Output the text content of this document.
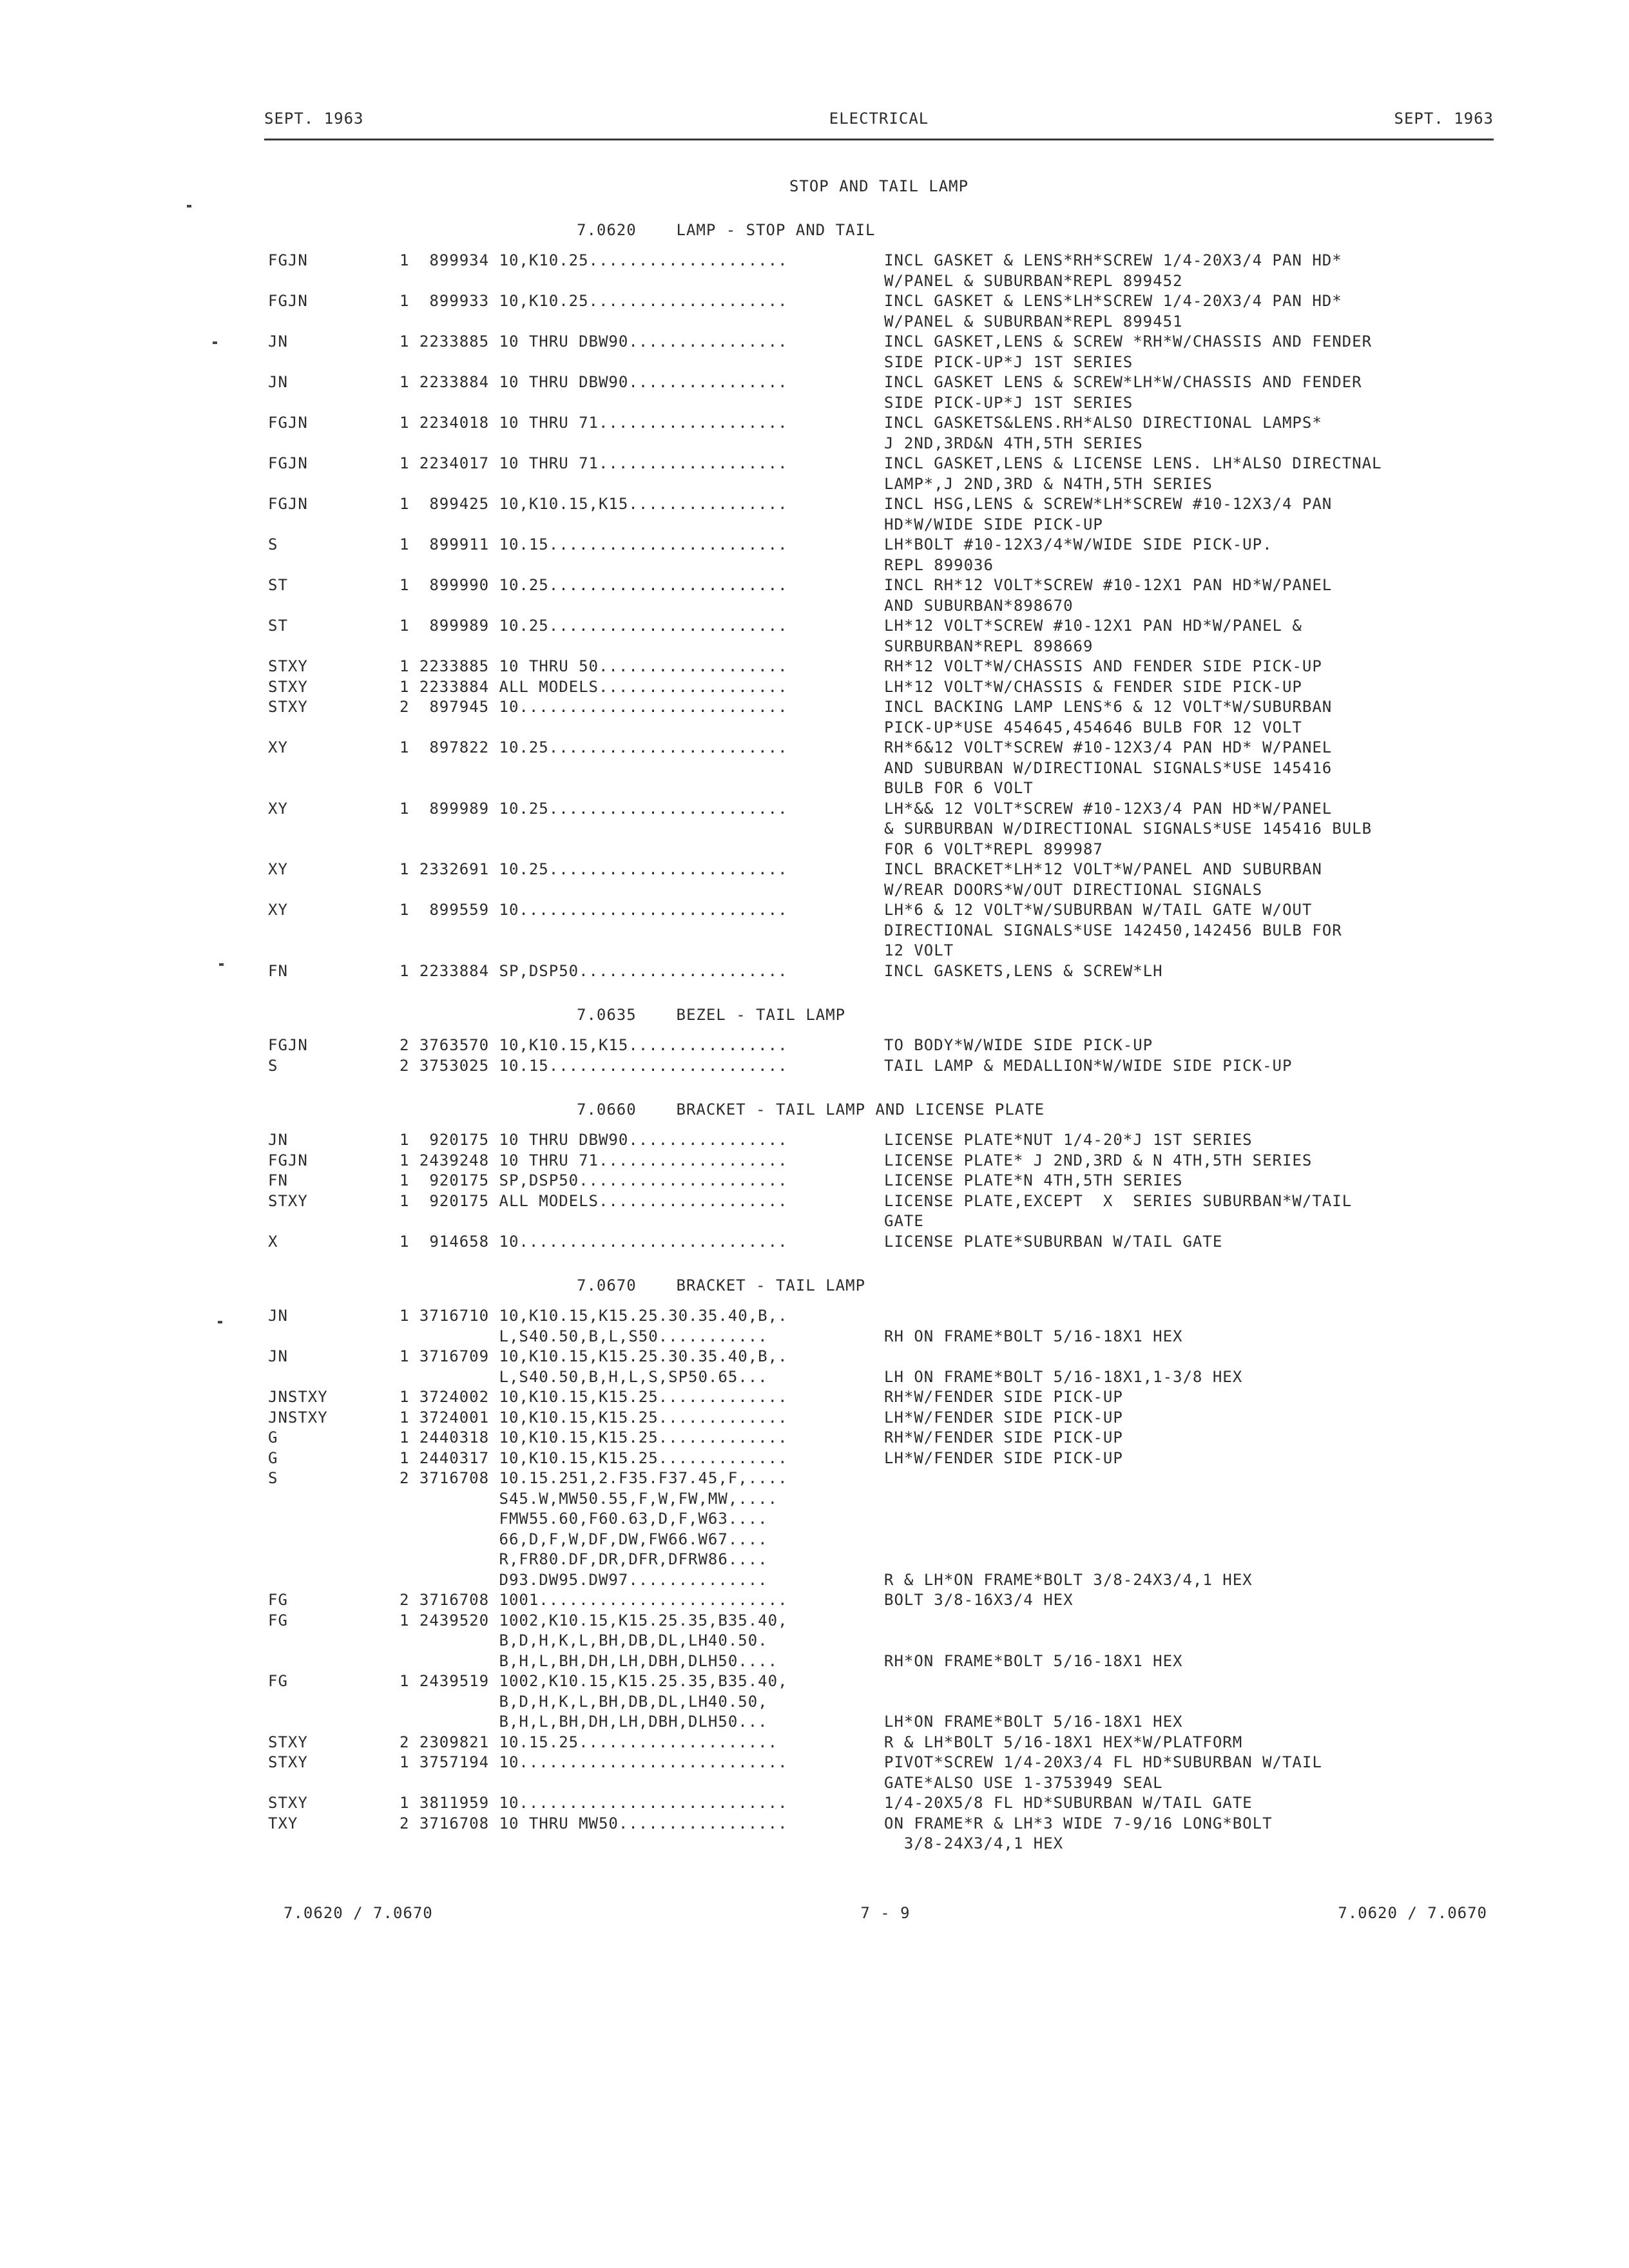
SEPT. 1963	ELECTRICAL	SEPT. 1963
STOP AND TAIL LAMP
7.0620    LAMP - STOP AND TAIL
FGJN	1  899934 10,K10.25....................	INCL GASKET & LENS*RH*SCREW 1/4-20X3/4 PAN HD*
W/PANEL & SUBURBAN*REPL 899452
FGJN	1  899933 10,K10.25....................	INCL GASKET & LENS*LH*SCREW 1/4-20X3/4 PAN HD*
W/PANEL & SUBURBAN*REPL 899451
JN	1 2233885 10 THRU DBW90................	INCL GASKET,LENS & SCREW *RH*W/CHASSIS AND FENDER
SIDE PICK-UP*J 1ST SERIES
JN	1 2233884 10 THRU DBW90................	INCL GASKET LENS & SCREW*LH*W/CHASSIS AND FENDER
SIDE PICK-UP*J 1ST SERIES
FGJN	1 2234018 10 THRU 71...................	INCL GASKETS&LENS.RH*ALSO DIRECTIONAL LAMPS*
J 2ND,3RD&N 4TH,5TH SERIES
FGJN	1 2234017 10 THRU 71...................	INCL GASKET,LENS & LICENSE LENS. LH*ALSO DIRECTNAL
LAMP*,J 2ND,3RD & N4TH,5TH SERIES
FGJN	1  899425 10,K10.15,K15................	INCL HSG,LENS & SCREW*LH*SCREW #10-12X3/4 PAN
HD*W/WIDE SIDE PICK-UP
S	1  899911 10.15........................	LH*BOLT #10-12X3/4*W/WIDE SIDE PICK-UP.
REPL 899036
ST	1  899990 10.25........................	INCL RH*12 VOLT*SCREW #10-12X1 PAN HD*W/PANEL
AND SUBURBAN*898670
ST	1  899989 10.25........................	LH*12 VOLT*SCREW #10-12X1 PAN HD*W/PANEL &
SURBURBAN*REPL 898669
STXY	1 2233885 10 THRU 50...................	RH*12 VOLT*W/CHASSIS AND FENDER SIDE PICK-UP
STXY	1 2233884 ALL MODELS...................	LH*12 VOLT*W/CHASSIS & FENDER SIDE PICK-UP
STXY	2  897945 10...........................	INCL BACKING LAMP LENS*6 & 12 VOLT*W/SUBURBAN
PICK-UP*USE 454645,454646 BULB FOR 12 VOLT
XY	1  897822 10.25........................	RH*6&12 VOLT*SCREW #10-12X3/4 PAN HD* W/PANEL
AND SUBURBAN W/DIRECTIONAL SIGNALS*USE 145416
BULB FOR 6 VOLT
XY	1  899989 10.25........................	LH*&& 12 VOLT*SCREW #10-12X3/4 PAN HD*W/PANEL
& SURBURBAN W/DIRECTIONAL SIGNALS*USE 145416 BULB
FOR 6 VOLT*REPL 899987
XY	1 2332691 10.25........................	INCL BRACKET*LH*12 VOLT*W/PANEL AND SUBURBAN
W/REAR DOORS*W/OUT DIRECTIONAL SIGNALS
XY	1  899559 10...........................	LH*6 & 12 VOLT*W/SUBURBAN W/TAIL GATE W/OUT
DIRECTIONAL SIGNALS*USE 142450,142456 BULB FOR
12 VOLT
FN	1 2233884 SP,DSP50.....................	INCL GASKETS,LENS & SCREW*LH
7.0635    BEZEL - TAIL LAMP
FGJN	2 3763570 10,K10.15,K15................	TO BODY*W/WIDE SIDE PICK-UP
S	2 3753025 10.15........................	TAIL LAMP & MEDALLION*W/WIDE SIDE PICK-UP
7.0660    BRACKET - TAIL LAMP AND LICENSE PLATE
JN	1  920175 10 THRU DBW90................	LICENSE PLATE*NUT 1/4-20*J 1ST SERIES
FGJN	1 2439248 10 THRU 71...................	LICENSE PLATE* J 2ND,3RD & N 4TH,5TH SERIES
FN	1  920175 SP,DSP50.....................	LICENSE PLATE*N 4TH,5TH SERIES
STXY	1  920175 ALL MODELS...................	LICENSE PLATE,EXCEPT  X  SERIES SUBURBAN*W/TAIL
GATE
X	1  914658 10...........................	LICENSE PLATE*SUBURBAN W/TAIL GATE
7.0670    BRACKET - TAIL LAMP
JN	1 3716710 10,K10.15,K15.25.30.35.40,B,.
L,S40.50,B,L,S50...........	RH ON FRAME*BOLT 5/16-18X1 HEX
JN	1 3716709 10,K10.15,K15.25.30.35.40,B,.
L,S40.50,B,H,L,S,SP50.65...	LH ON FRAME*BOLT 5/16-18X1,1-3/8 HEX
JNSTXY	1 3724002 10,K10.15,K15.25.............	RH*W/FENDER SIDE PICK-UP
JNSTXY	1 3724001 10,K10.15,K15.25.............	LH*W/FENDER SIDE PICK-UP
G	1 2440318 10,K10.15,K15.25.............	RH*W/FENDER SIDE PICK-UP
G	1 2440317 10,K10.15,K15.25.............	LH*W/FENDER SIDE PICK-UP
S	2 3716708 10.15.251,2.F35.F37.45,F,....
S45.W,MW50.55,F,W,FW,MW,....
FMW55.60,F60.63,D,F,W63....
66,D,F,W,DF,DW,FW66.W67....
R,FR80.DF,DR,DFR,DFRW86....
D93.DW95.DW97..............	R & LH*ON FRAME*BOLT 3/8-24X3/4,1 HEX
FG	2 3716708 1001.........................	BOLT 3/8-16X3/4 HEX
FG	1 2439520 1002,K10.15,K15.25.35,B35.40,
B,D,H,K,L,BH,DB,DL,LH40.50.
B,H,L,BH,DH,LH,DBH,DLH50....	RH*ON FRAME*BOLT 5/16-18X1 HEX
FG	1 2439519 1002,K10.15,K15.25.35,B35.40,
B,D,H,K,L,BH,DB,DL,LH40.50,
B,H,L,BH,DH,LH,DBH,DLH50...	LH*ON FRAME*BOLT 5/16-18X1 HEX
STXY	2 2309821 10.15.25....................	R & LH*BOLT 5/16-18X1 HEX*W/PLATFORM
STXY	1 3757194 10...........................	PIVOT*SCREW 1/4-20X3/4 FL HD*SUBURBAN W/TAIL
GATE*ALSO USE 1-3753949 SEAL
STXY	1 3811959 10...........................	1/4-20X5/8 FL HD*SUBURBAN W/TAIL GATE
TXY	2 3716708 10 THRU MW50.................	ON FRAME*R & LH*3 WIDE 7-9/16 LONG*BOLT
3/8-24X3/4,1 HEX
7.0620 / 7.0670	7 - 9	7.0620 / 7.0670
